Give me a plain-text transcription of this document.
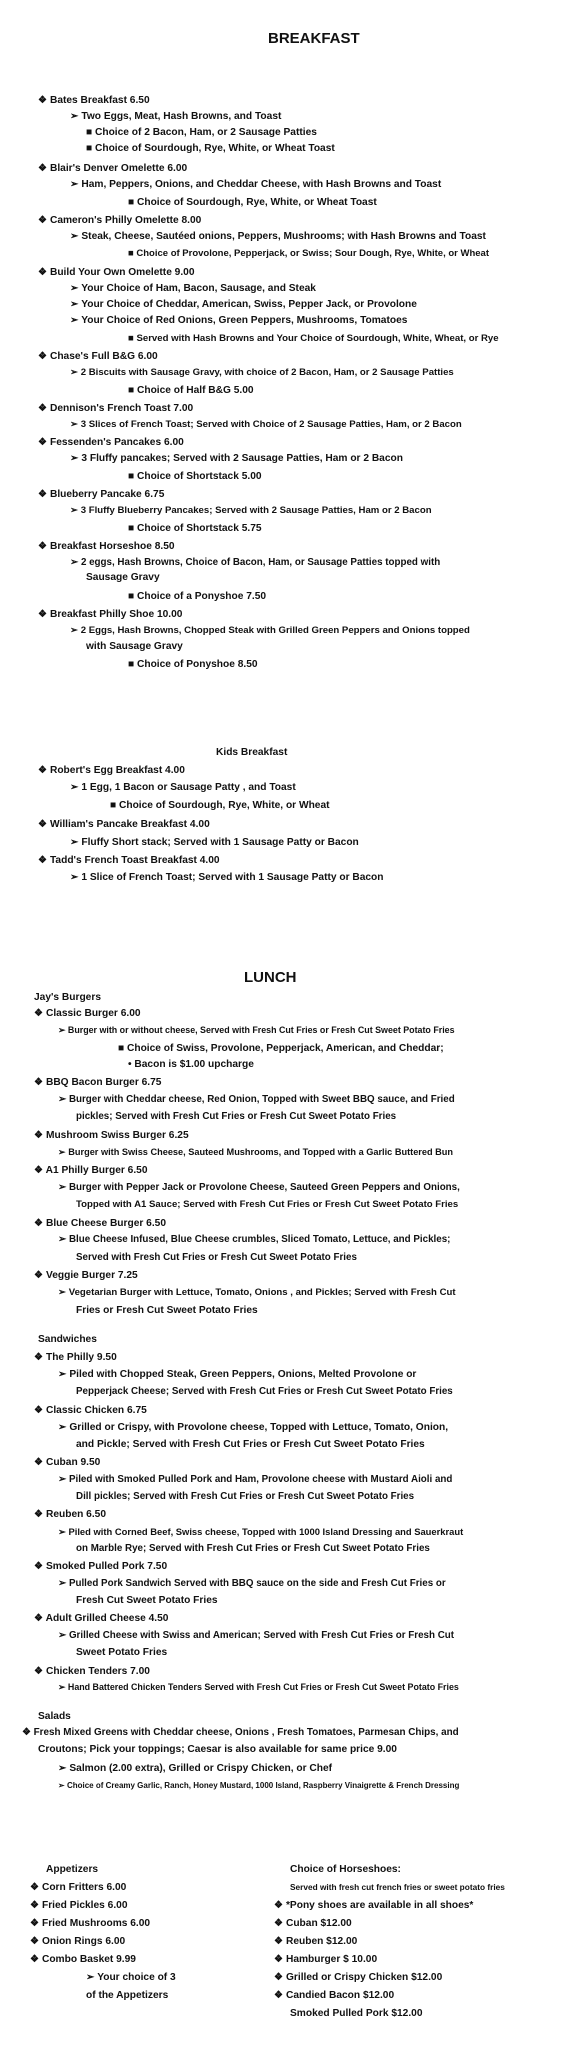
BREAKFAST
❖ Bates Breakfast 6.50
➢ Two Eggs, Meat, Hash Browns, and Toast
■ Choice of 2 Bacon, Ham, or 2 Sausage Patties
■ Choice of Sourdough, Rye, White, or Wheat Toast
❖ Blair's Denver Omelette 6.00
➢ Ham, Peppers, Onions, and Cheddar Cheese, with Hash Browns and Toast
■ Choice of Sourdough, Rye, White, or Wheat Toast
❖ Cameron's Philly Omelette 8.00
➢ Steak, Cheese, Sautéed onions, Peppers, Mushrooms; with Hash Browns and Toast
■ Choice of Provolone, Pepperjack, or Swiss; Sour Dough, Rye, White, or Wheat
❖ Build Your Own Omelette 9.00
➢ Your Choice of Ham, Bacon, Sausage, and Steak
➢ Your Choice of Cheddar, American, Swiss, Pepper Jack, or Provolone
➢ Your Choice of Red Onions, Green Peppers, Mushrooms, Tomatoes
■ Served with Hash Browns and Your Choice of Sourdough, White, Wheat, or Rye
❖ Chase's Full B&G 6.00
➢ 2 Biscuits with Sausage Gravy, with choice of 2 Bacon, Ham, or 2 Sausage Patties
■ Choice of Half B&G 5.00
❖ Dennison's French Toast 7.00
➢ 3 Slices of French Toast; Served with Choice of 2 Sausage Patties, Ham, or 2 Bacon
❖ Fessenden's Pancakes 6.00
➢ 3 Fluffy pancakes; Served with 2 Sausage Patties, Ham or 2 Bacon
■ Choice of Shortstack 5.00
❖ Blueberry Pancake 6.75
➢ 3 Fluffy Blueberry Pancakes; Served with 2 Sausage Patties, Ham or 2 Bacon
■ Choice of Shortstack 5.75
❖ Breakfast Horseshoe 8.50
➢ 2 eggs, Hash Browns, Choice of Bacon, Ham, or Sausage Patties topped with
Sausage Gravy
■ Choice of a Ponyshoe 7.50
❖ Breakfast Philly Shoe 10.00
➢ 2 Eggs, Hash Browns, Chopped Steak with Grilled Green Peppers and Onions topped
with Sausage Gravy
■ Choice of Ponyshoe 8.50
Kids Breakfast
❖ Robert's Egg Breakfast 4.00
➢ 1 Egg, 1 Bacon or Sausage Patty , and Toast
■ Choice of Sourdough, Rye, White, or Wheat
❖ William's Pancake Breakfast 4.00
➢ Fluffy Short stack; Served with 1 Sausage Patty or Bacon
❖ Tadd's French Toast Breakfast 4.00
➢ 1 Slice of French Toast; Served with 1 Sausage Patty or Bacon
LUNCH
Jay's Burgers
❖ Classic Burger 6.00
➢ Burger with or without cheese, Served with Fresh Cut Fries or Fresh Cut Sweet Potato Fries
■ Choice of Swiss, Provolone, Pepperjack, American, and Cheddar;
• Bacon is $1.00 upcharge
❖ BBQ Bacon Burger 6.75
➢ Burger with Cheddar cheese, Red Onion, Topped with Sweet BBQ sauce, and Fried
pickles; Served with Fresh Cut Fries or Fresh Cut Sweet Potato Fries
❖ Mushroom Swiss Burger 6.25
➢ Burger with Swiss Cheese, Sauteed Mushrooms, and Topped with a Garlic Buttered Bun
❖ A1 Philly Burger 6.50
➢ Burger with Pepper Jack or Provolone Cheese, Sauteed Green Peppers and Onions,
Topped with A1 Sauce; Served with Fresh Cut Fries or Fresh Cut Sweet Potato Fries
❖ Blue Cheese Burger 6.50
➢ Blue Cheese Infused, Blue Cheese crumbles, Sliced Tomato, Lettuce, and Pickles;
Served with Fresh Cut Fries or Fresh Cut Sweet Potato Fries
❖ Veggie Burger 7.25
➢ Vegetarian Burger with Lettuce, Tomato, Onions , and Pickles; Served with Fresh Cut
Fries or Fresh Cut Sweet Potato Fries
Sandwiches
❖ The Philly 9.50
➢ Piled with Chopped Steak, Green Peppers, Onions, Melted Provolone or
Pepperjack Cheese; Served with Fresh Cut Fries or Fresh Cut Sweet Potato Fries
❖ Classic Chicken 6.75
➢ Grilled or Crispy, with Provolone cheese, Topped with Lettuce, Tomato, Onion,
and Pickle; Served with Fresh Cut Fries or Fresh Cut Sweet Potato Fries
❖ Cuban 9.50
➢ Piled with Smoked Pulled Pork and Ham, Provolone cheese with Mustard Aioli and
Dill pickles; Served with Fresh Cut Fries or Fresh Cut Sweet Potato Fries
❖ Reuben 6.50
➢ Piled with Corned Beef, Swiss cheese, Topped with 1000 Island Dressing and Sauerkraut
on Marble Rye; Served with Fresh Cut Fries or Fresh Cut Sweet Potato Fries
❖ Smoked Pulled Pork 7.50
➢ Pulled Pork Sandwich Served with BBQ sauce on the side and Fresh Cut Fries or
Fresh Cut Sweet Potato Fries
❖ Adult Grilled Cheese 4.50
➢ Grilled Cheese with Swiss and American; Served with Fresh Cut Fries or Fresh Cut
Sweet Potato Fries
❖ Chicken Tenders 7.00
➢ Hand Battered Chicken Tenders Served with Fresh Cut Fries or Fresh Cut Sweet Potato Fries
Salads
❖ Fresh Mixed Greens with Cheddar cheese, Onions , Fresh Tomatoes, Parmesan Chips, and
Croutons; Pick your toppings; Caesar is also available for same price 9.00
➢ Salmon (2.00 extra), Grilled or Crispy Chicken, or Chef
➢ Choice of Creamy Garlic, Ranch, Honey Mustard, 1000 Island, Raspberry Vinaigrette & French Dressing
Appetizers
❖ Corn Fritters 6.00
❖ Fried Pickles 6.00
❖ Fried Mushrooms 6.00
❖ Onion Rings 6.00
❖ Combo Basket 9.99
➢ Your choice of 3
of the Appetizers
Choice of Horseshoes:
Served with fresh cut french fries or sweet potato fries
❖ *Pony shoes are available in all shoes*
❖ Cuban $12.00
❖ Reuben $12.00
❖ Hamburger $ 10.00
❖ Grilled or Crispy Chicken $12.00
❖ Candied Bacon $12.00
Smoked Pulled Pork $12.00
